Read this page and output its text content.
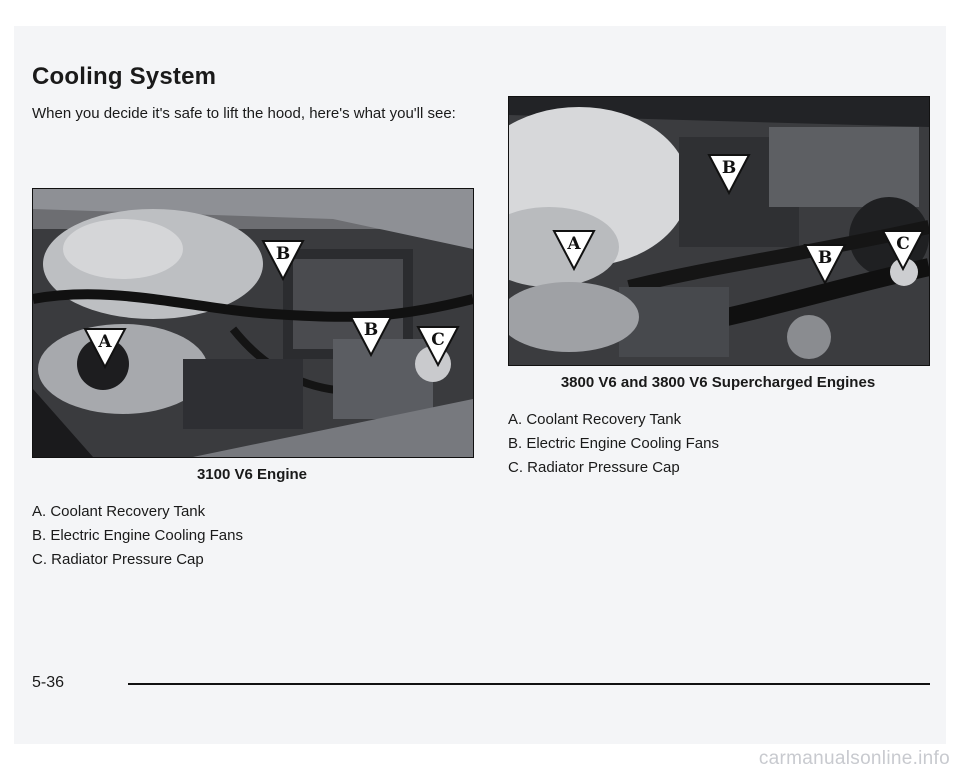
Cooling System

When you decide it's safe to lift the hood, here's what you'll see:

A
B
B	C

3100 V6 Engine

A. Coolant Recovery Tank
B. Electric Engine Cooling Fans
C. Radiator Pressure Cap
A
B
B
C

3800 V6 and 3800 V6 Supercharged Engines

A. Coolant Recovery Tank
B. Electric Engine Cooling Fans
C. Radiator Pressure Cap
5-36
carmanualsonline.info
